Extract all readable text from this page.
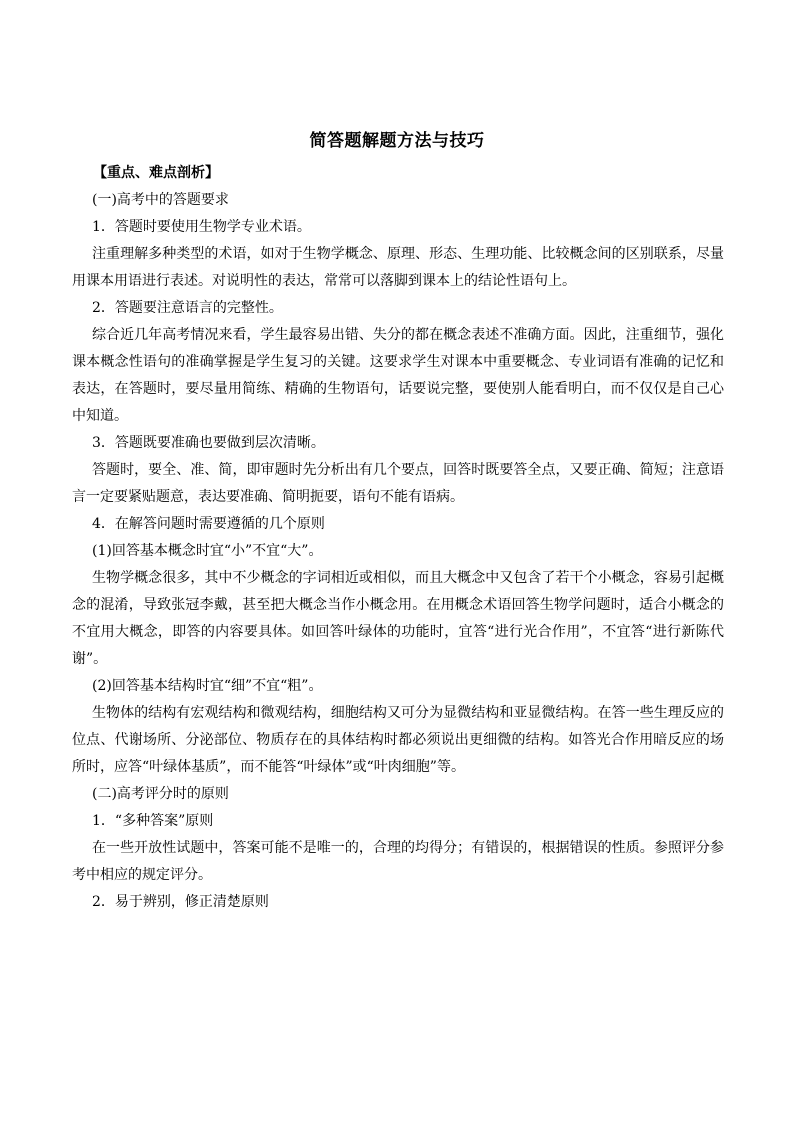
简答题解题方法与技巧

【重点、难点剖析】

(一)高考中的答题要求

1．答题时要使用生物学专业术语。

注重理解多种类型的术语，如对于生物学概念、原理、形态、生理功能、比较概念间的区别联系，尽量用课本用语进行表述。对说明性的表达，常常可以落脚到课本上的结论性语句上。

2．答题要注意语言的完整性。

综合近几年高考情况来看，学生最容易出错、失分的都在概念表述不准确方面。因此，注重细节，强化课本概念性语句的准确掌握是学生复习的关键。这要求学生对课本中重要概念、专业词语有准确的记忆和表达，在答题时，要尽量用简练、精确的生物语句，话要说完整，要使别人能看明白，而不仅仅是自己心中知道。

3．答题既要准确也要做到层次清晰。

答题时，要全、准、简，即审题时先分析出有几个要点，回答时既要答全点，又要正确、简短；注意语言一定要紧贴题意，表达要准确、简明扼要，语句不能有语病。

4．在解答问题时需要遵循的几个原则

(1)回答基本概念时宜“小”不宜“大”。

生物学概念很多，其中不少概念的字词相近或相似，而且大概念中又包含了若干个小概念，容易引起概念的混淆，导致张冠李戴，甚至把大概念当作小概念用。在用概念术语回答生物学问题时，适合小概念的不宜用大概念，即答的内容要具体。如回答叶绿体的功能时，宜答“进行光合作用”，不宜答“进行新陈代谢”。

(2)回答基本结构时宜“细”不宜“粗”。

生物体的结构有宏观结构和微观结构，细胞结构又可分为显微结构和亚显微结构。在答一些生理反应的位点、代谢场所、分泌部位、物质存在的具体结构时都必须说出更细微的结构。如答光合作用暗反应的场所时，应答“叶绿体基质”，而不能答“叶绿体”或“叶肉细胞”等。

(二)高考评分时的原则

1．“多种答案”原则

在一些开放性试题中，答案可能不是唯一的，合理的均得分；有错误的，根据错误的性质。参照评分参考中相应的规定评分。

2．易于辨别，修正清楚原则
